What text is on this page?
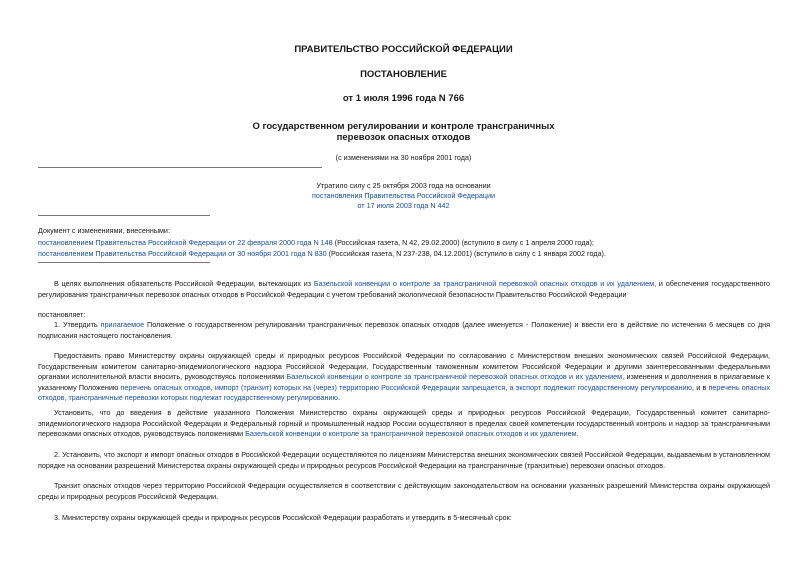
ПРАВИТЕЛЬСТВО РОССИЙСКОЙ ФЕДЕРАЦИИ
ПОСТАНОВЛЕНИЕ
от 1 июля 1996 года N 766
О государственном регулировании и контроле трансграничных
перевозок опасных отходов
(с изменениями на 30 ноября 2001 года)
Утратило силу с 25 октября 2003 года на основании
постановления Правительства Российской Федерации
от 17 июля 2003 года N 442
Документ с изменениями, внесенными:
постановлением Правительства Российской Федерации от 22 февраля 2000 года N 148 (Российская газета, N 42, 29.02.2000) (вступило в силу с 1 апреля 2000 года);
постановлением Правительства Российской Федерации от 30 ноября 2001 года N 830 (Российская газета, N 237-238, 04.12.2001) (вступило в силу с 1 января 2002 года).
В целях выполнения обязательств Российской Федерации, вытекающих из Базельской конвенции о контроле за трансграничной перевозкой опасных отходов и их удалением, и обеспечения государственного регулирования трансграничных перевозок опасных отходов в Российской Федерации с учетом требований экологической безопасности Правительство Российской Федерации
постановляет:
1. Утвердить прилагаемое Положение о государственном регулировании трансграничных перевозок опасных отходов (далее именуется - Положение) и ввести его в действие по истечении 6 месяцев со дня подписания настоящего постановления.
Предоставить право Министерству охраны окружающей среды и природных ресурсов Российской Федерации по согласованию с Министерством внешних экономических связей Российской Федерации, Государственным комитетом санитарно-эпидемиологического надзора Российской Федерации, Государственным таможенным комитетом Российской Федерации и другими заинтересованными федеральными органами исполнительной власти вносить, руководствуясь положениями Базельской конвенции о контроле за трансграничной перевозкой опасных отходов и их удалением, изменения и дополнения в прилагаемые к указанному Положению перечень опасных отходов, импорт (транзит) которых на (через) территорию Российской Федерации запрещается, а экспорт подлежит государственному регулированию, и в перечень опасных отходов, трансграничные перевозки которых подлежат государственному регулированию.
Установить, что до введения в действие указанного Положения Министерство охраны окружающей среды и природных ресурсов Российской Федерации, Государственный комитет санитарно-эпидемиологического надзора Российской Федерации и Федеральный горный и промышленный надзор России осуществляют в пределах своей компетенции государственный контроль и надзор за трансграничными перевозками опасных отходов, руководствуясь положениями Базельской конвенции о контроле за трансграничной перевозкой опасных отходов и их удалением.
2. Установить, что экспорт и импорт опасных отходов в Российской Федерации осуществляются по лицензиям Министерства внешних экономических связей Российской Федерации, выдаваемым в установленном порядке на основании разрешений Министерства охраны окружающей среды и природных ресурсов Российской Федерации на трансграничные (транзитные) перевозки опасных отходов.
Транзит опасных отходов через территорию Российской Федерации осуществляется в соответствии с действующим законодательством на основании указанных разрешений Министерства охраны окружающей среды и природных ресурсов Российской Федерации.
3. Министерству охраны окружающей среды и природных ресурсов Российской Федерации разработать и утвердить в 5-месячный срок:
